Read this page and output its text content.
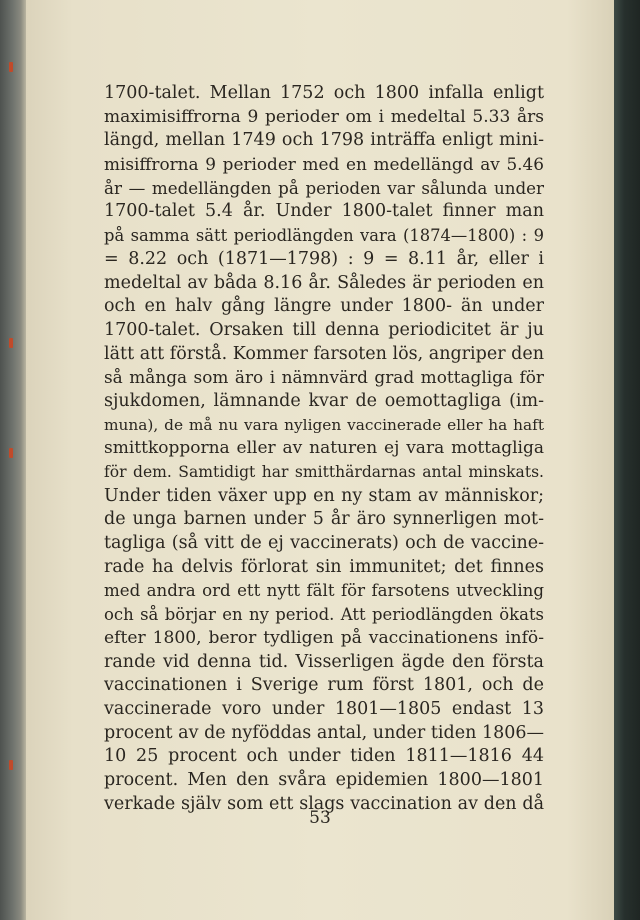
1700-talet. Mellan 1752 och 1800 infalla enligt
maximisiffrorna 9 perioder om i medeltal 5.33 års
längd, mellan 1749 och 1798 inträffa enligt mini-
misiffrorna 9 perioder med en medellängd av 5.46
år — medellängden på perioden var sålunda under
1700-talet 5.4 år. Under 1800-talet finner man
på samma sätt periodlängden vara (1874—1800) : 9
= 8.22 och (1871—1798) : 9 = 8.11 år, eller i
medeltal av båda 8.16 år. Således är perioden en
och en halv gång längre under 1800- än under
1700-talet. Orsaken till denna periodicitet är ju
lätt att förstå. Kommer farsoten lös, angriper den
så många som äro i nämnvärd grad mottagliga för
sjukdomen, lämnande kvar de oemottagliga (im-
muna), de må nu vara nyligen vaccinerade eller ha haft
smittkopporna eller av naturen ej vara mottagliga
för dem. Samtidigt har smitthärdarnas antal minskats.
Under tiden växer upp en ny stam av människor;
de unga barnen under 5 år äro synnerligen mot-
tagliga (så vitt de ej vaccinerats) och de vaccine-
rade ha delvis förlorat sin immunitet; det finnes
med andra ord ett nytt fält för farsotens utveckling
och så börjar en ny period. Att periodlängden ökats
efter 1800, beror tydligen på vaccinationens infö-
rande vid denna tid. Visserligen ägde den första
vaccinationen i Sverige rum först 1801, och de
vaccinerade voro under 1801—1805 endast 13
procent av de nyföddas antal, under tiden 1806—
10 25 procent och under tiden 1811—1816 44
procent. Men den svåra epidemien 1800—1801
verkade själv som ett slags vaccination av den då
53
